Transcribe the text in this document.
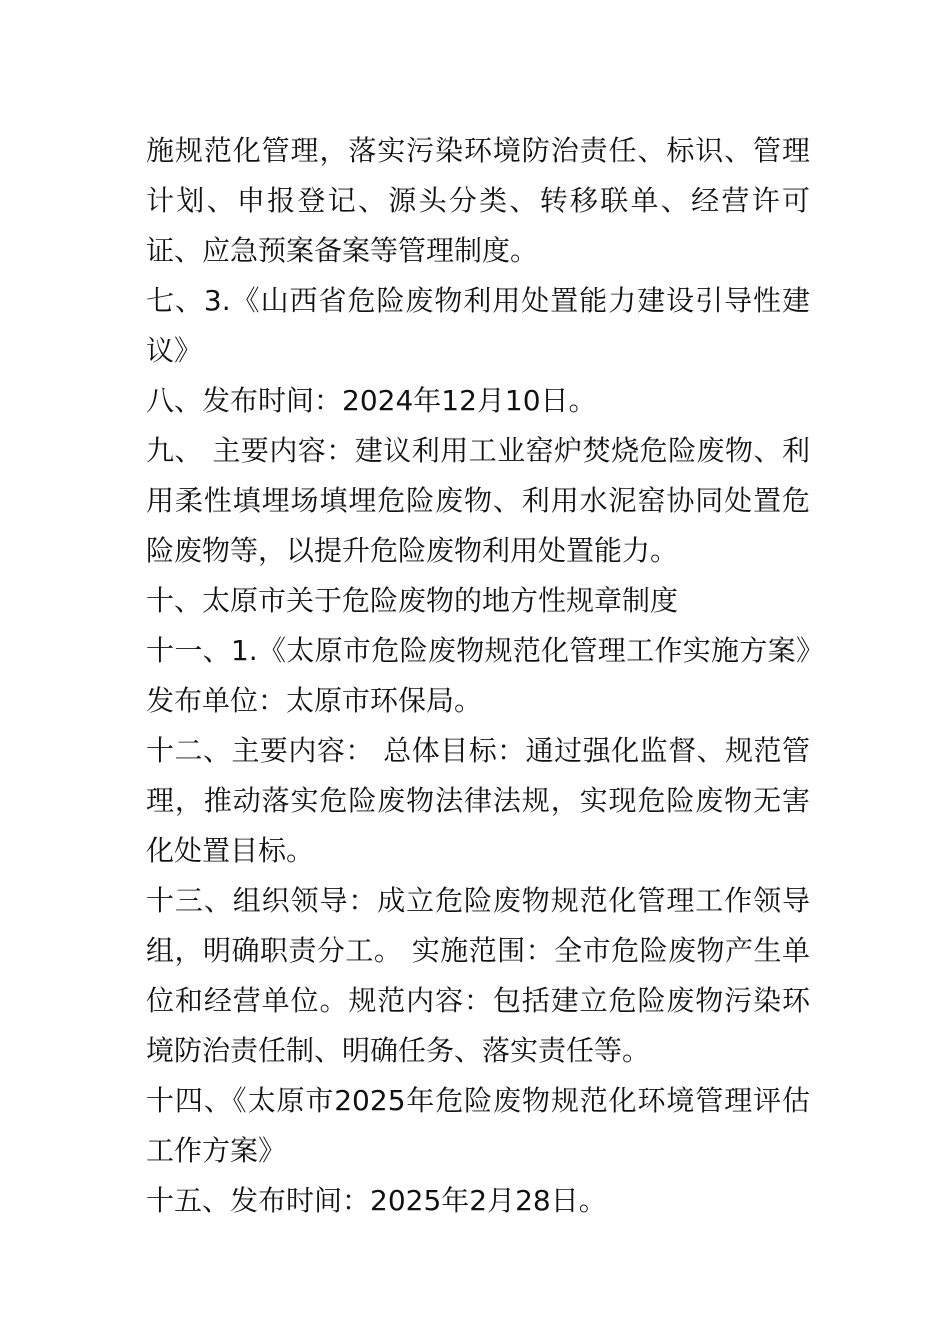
施规范化管理，落实污染环境防治责任、标识、管理计划、申报登记、源头分类、转移联单、经营许可证、应急预案备案等管理制度。

七、3.《山西省危险废物利用处置能力建设引导性建议》

八、发布时间：2024年12月10日。

九、 主要内容：建议利用工业窑炉焚烧危险废物、利用柔性填埋场填埋危险废物、利用水泥窑协同处置危险废物等，以提升危险废物利用处置能力。

十、太原市关于危险废物的地方性规章制度

十一、1.《太原市危险废物规范化管理工作实施方案》发布单位：太原市环保局。

十二、主要内容： 总体目标：通过强化监督、规范管理，推动落实危险废物法律法规，实现危险废物无害化处置目标。

十三、组织领导：成立危险废物规范化管理工作领导组，明确职责分工。 实施范围：全市危险废物产生单位和经营单位。规范内容：包括建立危险废物污染环境防治责任制、明确任务、落实责任等。

十四、《太原市2025年危险废物规范化环境管理评估工作方案》

十五、发布时间：2025年2月28日。
